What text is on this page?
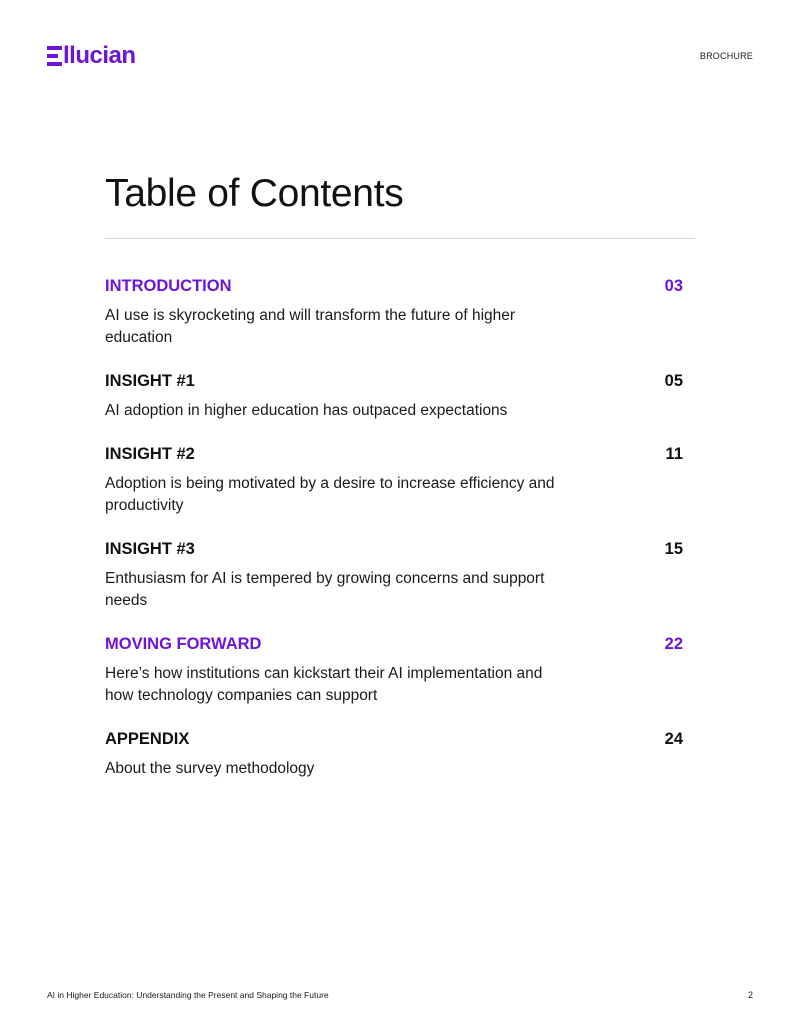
llucian	BROCHURE
Table of Contents
INTRODUCTION	03
AI use is skyrocketing and will transform the future of higher education
INSIGHT #1	05
AI adoption in higher education has outpaced expectations
INSIGHT #2	11
Adoption is being motivated by a desire to increase efficiency and productivity
INSIGHT #3	15
Enthusiasm for AI is tempered by growing concerns and support needs
MOVING FORWARD	22
Here’s how institutions can kickstart their AI implementation and how technology companies can support
APPENDIX	24
About the survey methodology
AI in Higher Education: Understanding the Present and Shaping the Future	2
